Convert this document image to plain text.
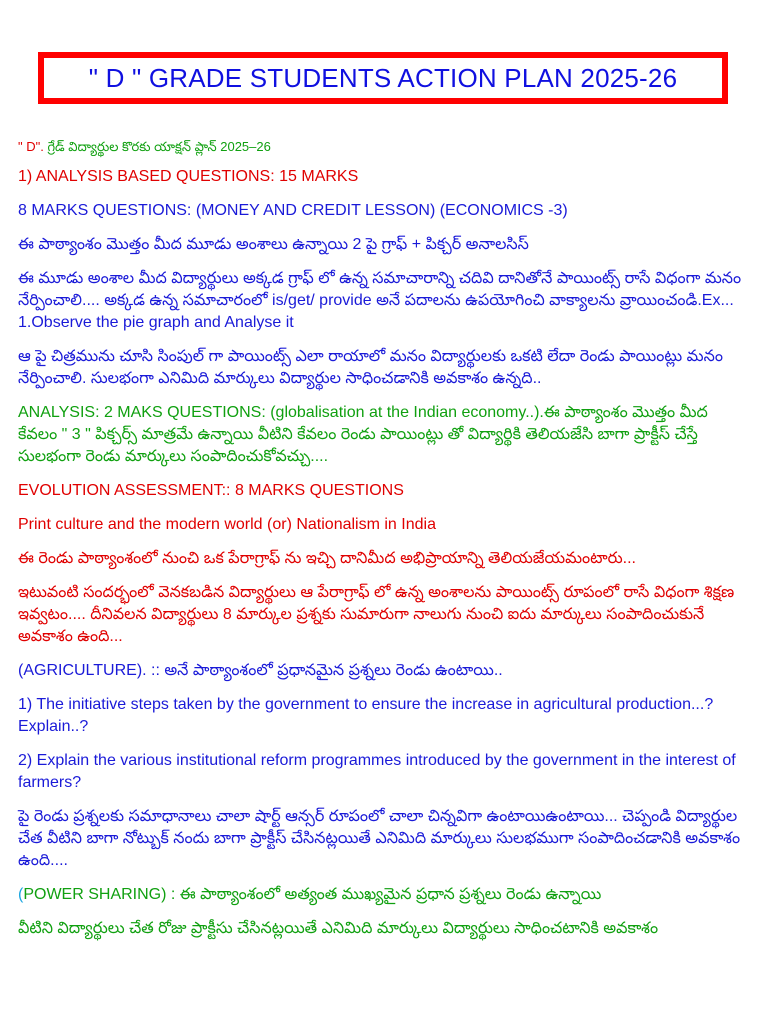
" D " GRADE STUDENTS ACTION PLAN 2025-26

" D". గ్రేడ్ విద్యార్థుల కొరకు యాక్షన్ ప్లాన్ 2025–26

1) ANALYSIS BASED QUESTIONS: 15 MARKS

8 MARKS QUESTIONS: (MONEY AND CREDIT LESSON) (ECONOMICS -3)

ఈ పాఠ్యాంశం మొత్తం మీద మూడు అంశాలు ఉన్నాయి 2 పై గ్రాఫ్ + పిక్చర్ అనాలసిస్

ఈ మూడు అంశాల మీద విద్యార్థులు అక్కడ గ్రాఫ్ లో ఉన్న సమాచారాన్ని చదివి దానితోనే పాయింట్స్ రాసే విధంగా మనం నేర్పించాలి.... అక్కడ ఉన్న సమాచారంలో is/get/ provide అనే పదాలను ఉపయోగించి వాక్యాలను వ్రాయించండి.Ex... 1.Observe the pie graph and Analyse it

ఆ పై చిత్రమును చూసి సింపుల్ గా పాయింట్స్ ఎలా రాయాలో మనం విద్యార్థులకు ఒకటి లేదా రెండు పాయింట్లు మనం నేర్పించాలి. సులభంగా ఎనిమిది మార్కులు విద్యార్థుల సాధించడానికి అవకాశం ఉన్నది..

ANALYSIS: 2 MAKS QUESTIONS: (globalisation at the Indian economy..).ఈ పాఠ్యాంశం మొత్తం మీద కేవలం " 3 " పిక్చర్స్ మాత్రమే ఉన్నాయి వీటిని కేవలం రెండు పాయింట్లు తో విద్యార్థికి తెలియజేసి బాగా ప్రాక్టీస్ చేస్తే సులభంగా రెండు మార్కులు సంపాదించుకోవచ్చు....

EVOLUTION ASSESSMENT:: 8 MARKS QUESTIONS

Print culture and the modern world (or) Nationalism in India

ఈ రెండు పాఠ్యాంశంలో నుంచి ఒక పేరాగ్రాఫ్ ను ఇచ్చి దానిమీద అభిప్రాయాన్ని తెలియజేయమంటారు...

ఇటువంటి సందర్భంలో వెనకబడిన విద్యార్థులు ఆ పేరాగ్రాఫ్ లో ఉన్న అంశాలను పాయింట్స్ రూపంలో రాసే విధంగా శిక్షణ ఇవ్వటం.... దీనివలన విద్యార్థులు 8 మార్కుల ప్రశ్నకు సుమారుగా నాలుగు నుంచి ఐదు మార్కులు సంపాదించుకునే అవకాశం ఉంది...

(AGRICULTURE). :: అనే పాఠ్యాంశంలో ప్రధానమైన ప్రశ్నలు రెండు ఉంటాయి..

1) The initiative steps taken by the government to ensure the increase in agricultural production...? Explain..?

2) Explain the various institutional reform programmes introduced by the government in the interest of farmers?

పై రెండు ప్రశ్నలకు సమాధానాలు చాలా షార్ట్ ఆన్సర్ రూపంలో చాలా చిన్నవిగా ఉంటాయిఉంటాయి... చెప్పండి విద్యార్థుల చేత వీటిని బాగా నోట్బుక్ నందు బాగా ప్రాక్టీస్ చేసినట్లయితే ఎనిమిది మార్కులు సులభముగా సంపాదించడానికి అవకాశం ఉంది....

(POWER SHARING) : ఈ పాఠ్యాంశంలో అత్యంత ముఖ్యమైన ప్రధాన ప్రశ్నలు రెండు ఉన్నాయి

వీటిని విద్యార్థులు చేత రోజు ప్రాక్టీసు చేసినట్లయితే ఎనిమిది మార్కులు విద్యార్థులు సాధించటానికి అవకాశం
